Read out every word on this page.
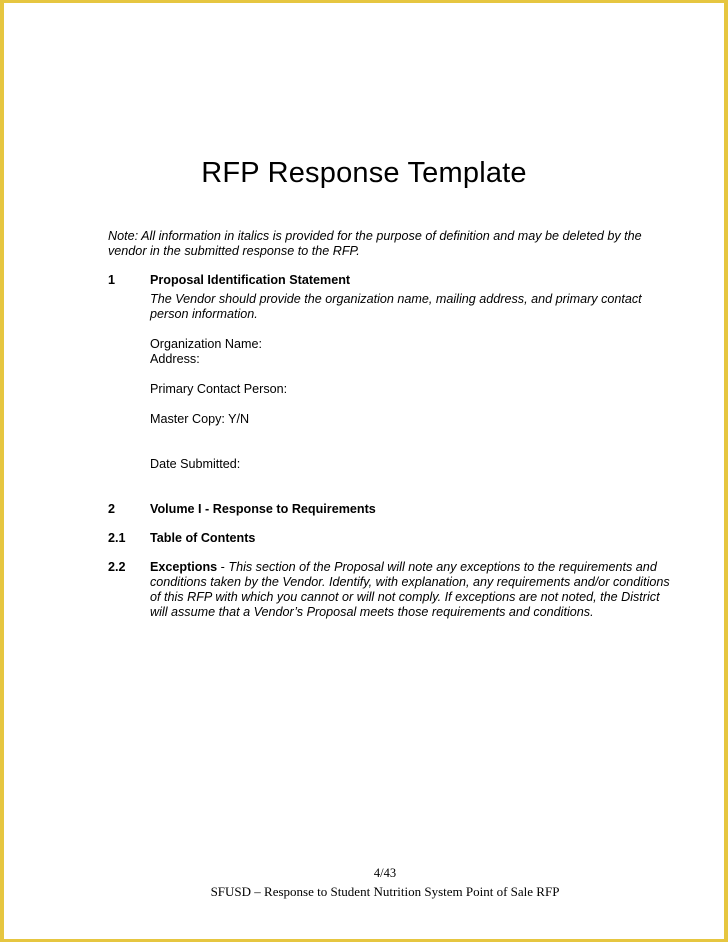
RFP Response Template
Note: All information in italics is provided for the purpose of definition and may be deleted by the vendor in the submitted response to the RFP.
1	Proposal Identification Statement
The Vendor should provide the organization name, mailing address, and primary contact person information.
Organization Name:
Address:
Primary Contact Person:
Master Copy: Y/N
Date Submitted:
2	Volume I - Response to Requirements
2.1 Table of Contents
2.2 Exceptions - This section of the Proposal will note any exceptions to the requirements and conditions taken by the Vendor. Identify, with explanation, any requirements and/or conditions of this RFP with which you cannot or will not comply. If exceptions are not noted, the District will assume that a Vendor’s Proposal meets those requirements and conditions.
4/43
SFUSD – Response to Student Nutrition System Point of Sale RFP
